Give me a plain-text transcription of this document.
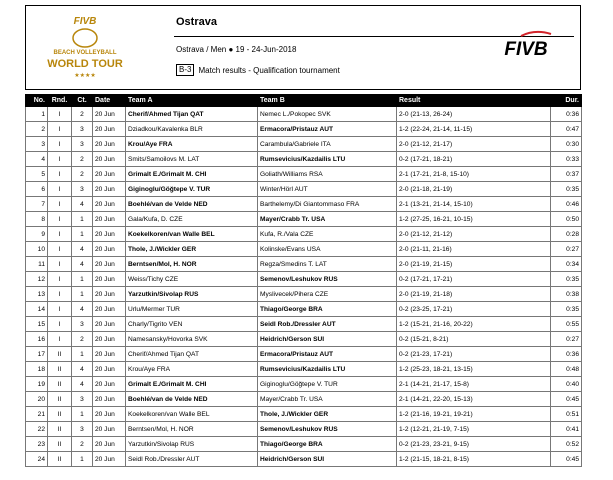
FIVB
BEACH VOLLEYBALL
WORLD TOUR
★★★★
Ostrava
Ostrava / Men ● 19 - 24-Jun-2018
B-3 Match results - Qualification tournament
FIVB
No.	Rnd.	Ct.	Date	Team A	Team B	Result	Dur.
1	I	2	20 Jun	Cherif/Ahmed Tijan QAT	Nemec L./Pokopec SVK	2-0 (21-13, 26-24)	0:36
2	I	3	20 Jun	Dziadkou/Kavalenka BLR	Ermacora/Pristauz AUT	1-2 (22-24, 21-14, 11-15)	0:47
3	I	3	20 Jun	Krou/Aye FRA	Carambula/Gabriele ITA	2-0 (21-12, 21-17)	0:30
4	I	2	20 Jun	Smits/Samoilovs M. LAT	Rumsevicius/Kazdailis LTU	0-2 (17-21, 18-21)	0:33
5	I	2	20 Jun	Grimalt E./Grimalt M. CHI	Goliath/Williams RSA	2-1 (17-21, 21-8, 15-10)	0:37
6	I	3	20 Jun	Giginoglu/Göğtepe V. TUR	Winter/Hörl AUT	2-0 (21-18, 21-19)	0:35
7	I	4	20 Jun	Boehlé/van de Velde NED	Barthelemy/Di Giantommaso FRA	2-1 (13-21, 21-14, 15-10)	0:46
8	I	1	20 Jun	Gala/Kufa, D. CZE	Mayer/Crabb Tr. USA	1-2 (27-25, 16-21, 10-15)	0:50
9	I	1	20 Jun	Koekelkoren/van Walle BEL	Kufa, R./Vala CZE	2-0 (21-12, 21-12)	0:28
10	I	4	20 Jun	Thole, J./Wickler GER	Kolinske/Evans USA	2-0 (21-11, 21-16)	0:27
11	I	4	20 Jun	Berntsen/Mol, H. NOR	Regza/Smedins T. LAT	2-0 (21-19, 21-15)	0:34
12	I	1	20 Jun	Weiss/Tichy CZE	Semenov/Leshukov RUS	0-2 (17-21, 17-21)	0:35
13	I	1	20 Jun	Yarzutkin/Sivolap RUS	Myslivecek/Pihera CZE	2-0 (21-19, 21-18)	0:38
14	I	4	20 Jun	Urlu/Mermer TUR	Thiago/George BRA	0-2 (23-25, 17-21)	0:35
15	I	3	20 Jun	Charly/Tigrito VEN	Seidl Rob./Dressler AUT	1-2 (15-21, 21-16, 20-22)	0:55
16	I	2	20 Jun	Namesansky/Hovorka SVK	Heidrich/Gerson SUI	0-2 (15-21, 8-21)	0:27
17	II	1	20 Jun	Cherif/Ahmed Tijan QAT	Ermacora/Pristauz AUT	0-2 (21-23, 17-21)	0:36
18	II	4	20 Jun	Krou/Aye FRA	Rumsevicius/Kazdailis LTU	1-2 (25-23, 18-21, 13-15)	0:48
19	II	4	20 Jun	Grimalt E./Grimalt M. CHI	Giginoglu/Göğtepe V. TUR	2-1 (14-21, 21-17, 15-8)	0:40
20	II	3	20 Jun	Boehlé/van de Velde NED	Mayer/Crabb Tr. USA	2-1 (14-21, 22-20, 15-13)	0:45
21	II	1	20 Jun	Koekelkoren/van Walle BEL	Thole, J./Wickler GER	1-2 (21-16, 19-21, 19-21)	0:51
22	II	3	20 Jun	Berntsen/Mol, H. NOR	Semenov/Leshukov RUS	1-2 (12-21, 21-19, 7-15)	0:41
23	II	2	20 Jun	Yarzutkin/Sivolap RUS	Thiago/George BRA	0-2 (21-23, 23-21, 9-15)	0:52
24	II	1	20 Jun	Seidl Rob./Dressler AUT	Heidrich/Gerson SUI	1-2 (21-15, 18-21, 8-15)	0:45
